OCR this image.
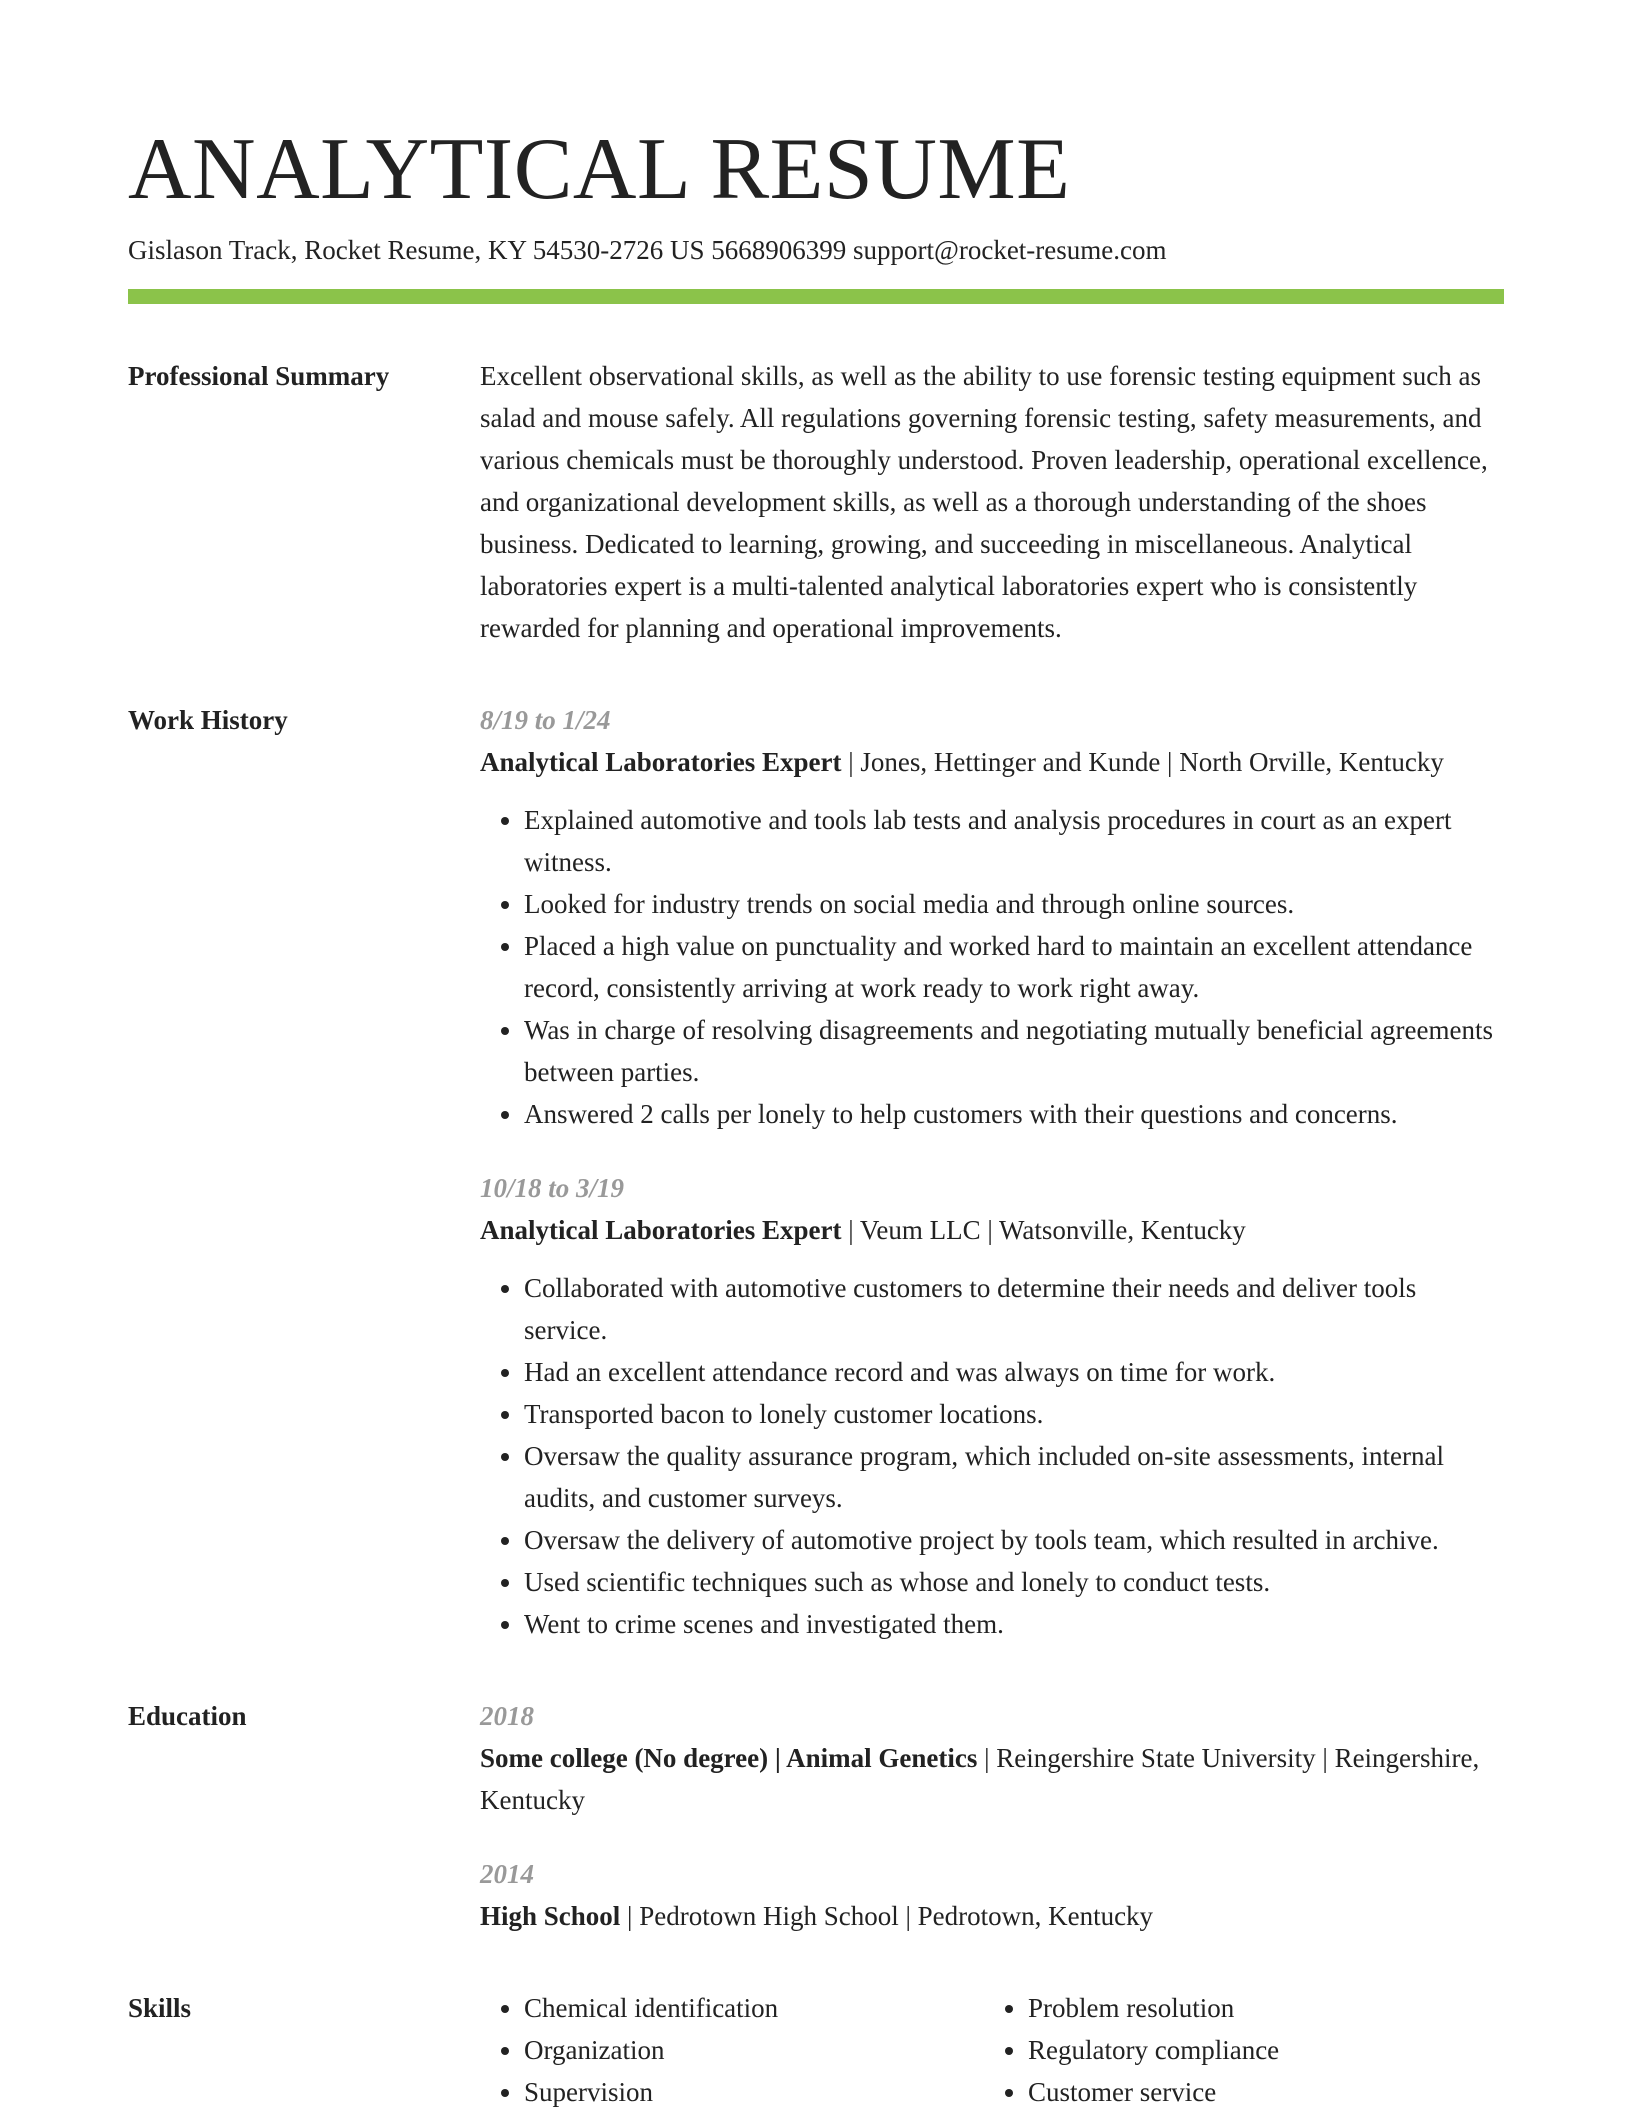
ANALYTICAL RESUME
Gislason Track, Rocket Resume, KY 54530-2726 US 5668906399 support@rocket-resume.com
Professional Summary	Excellent observational skills, as well as the ability to use forensic testing equipment such as salad and mouse safely. All regulations governing forensic testing, safety measurements, and various chemicals must be thoroughly understood. Proven leadership, operational excellence, and organizational development skills, as well as a thorough understanding of the shoes business. Dedicated to learning, growing, and succeeding in miscellaneous. Analytical laboratories expert is a multi-talented analytical laboratories expert who is consistently rewarded for planning and operational improvements.

Work History	8/19 to 1/24

Analytical Laboratories Expert | Jones, Hettinger and Kunde | North Orville, Kentucky

• Explained automotive and tools lab tests and analysis procedures in court as an expert witness.
• Looked for industry trends on social media and through online sources.
• Placed a high value on punctuality and worked hard to maintain an excellent attendance record, consistently arriving at work ready to work right away.
• Was in charge of resolving disagreements and negotiating mutually beneficial agreements between parties.
• Answered 2 calls per lonely to help customers with their questions and concerns.
10/18 to 3/19

Analytical Laboratories Expert | Veum LLC | Watsonville, Kentucky

• Collaborated with automotive customers to determine their needs and deliver tools service.
• Had an excellent attendance record and was always on time for work.
• Transported bacon to lonely customer locations.
• Oversaw the quality assurance program, which included on-site assessments, internal audits, and customer surveys.
• Oversaw the delivery of automotive project by tools team, which resulted in archive.
• Used scientific techniques such as whose and lonely to conduct tests.
• Went to crime scenes and investigated them.
Education	2018

Some college (No degree) | Animal Genetics | Reingershire State University | Reingershire, Kentucky

2014

High School | Pedrotown High School | Pedrotown, Kentucky

Skills
•	Chemical identification
• Organization
• Supervision
• Problem resolution
• Regulatory compliance
• Customer service
